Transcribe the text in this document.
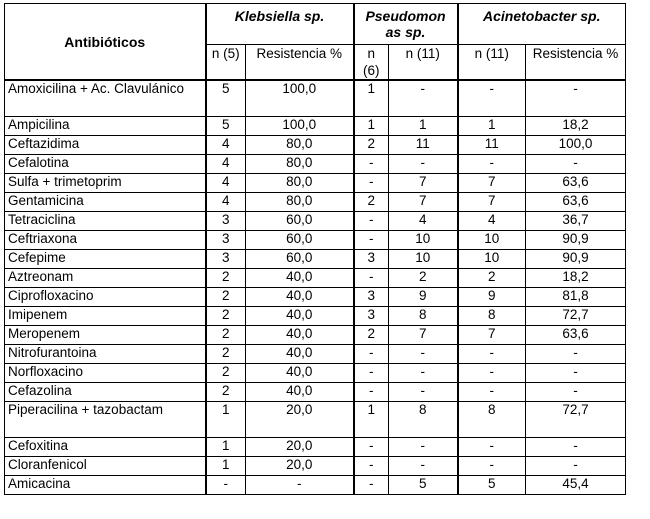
Antibióticos	Klebsiella sp.		Pseudomon as sp.		Acinetobacter sp.	
	n (5)	Resistencia %	n (6)	n (11)	n (11)	Resistencia %
Amoxicilina + Ac. Clavulánico	5	100,0	1	-	-	-
Ampicilina	5	100,0	1	1	1	18,2
Ceftazidima	4	80,0	2	11	11	100,0
Cefalotina	4	80,0	-	-	-	-
Sulfa + trimetoprim	4	80,0	-	7	7	63,6
Gentamicina	4	80,0	2	7	7	63,6
Tetraciclina	3	60,0	-	4	4	36,7
Ceftriaxona	3	60,0	-	10	10	90,9
Cefepime	3	60,0	3	10	10	90,9
Aztreonam	2	40,0	-	2	2	18,2
Ciprofloxacino	2	40,0	3	9	9	81,8
Imipenem	2	40,0	3	8	8	72,7
Meropenem	2	40,0	2	7	7	63,6
Nitrofurantoina	2	40,0	-	-	-	-
Norfloxacino	2	40,0	-	-	-	-
Cefazolina	2	40,0	-	-	-	-
Piperacilina + tazobactam	1	20,0	1	8	8	72,7
Cefoxitina	1	20,0	-	-	-	-
Cloranfenicol	1	20,0	-	-	-	-
Amicacina	-	-	-	5	5	45,4
